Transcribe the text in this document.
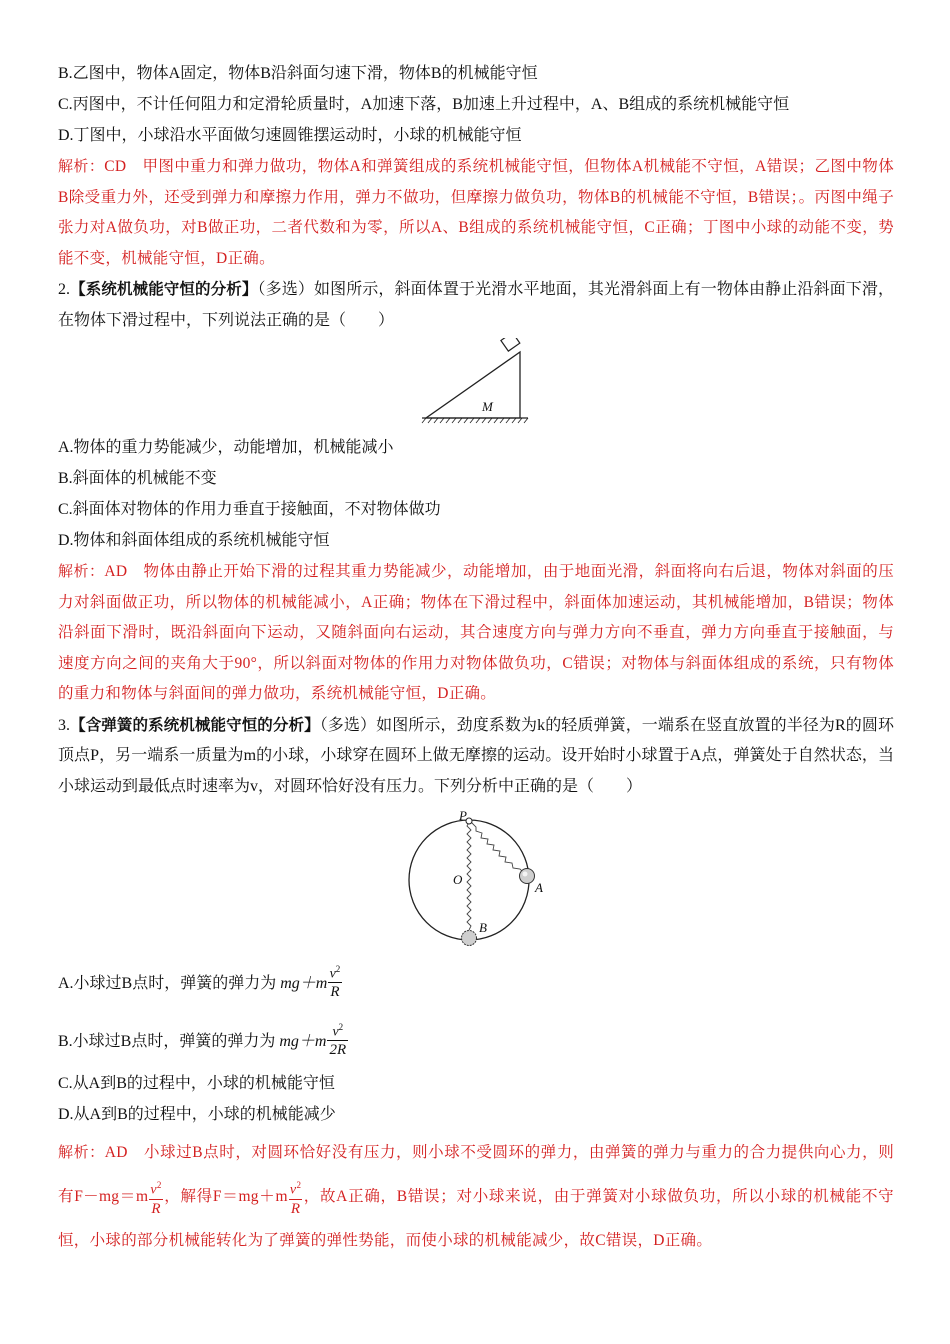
B.乙图中，物体A固定，物体B沿斜面匀速下滑，物体B的机械能守恒
C.丙图中，不计任何阻力和定滑轮质量时，A加速下落，B加速上升过程中，A、B组成的系统机械能守恒
D.丁图中，小球沿水平面做匀速圆锥摆运动时，小球的机械能守恒
解析：CD　甲图中重力和弹力做功，物体A和弹簧组成的系统机械能守恒，但物体A机械能不守恒，A错误；乙图中物体B除受重力外，还受到弹力和摩擦力作用，弹力不做功，但摩擦力做负功，物体B的机械能不守恒，B错误；。丙图中绳子张力对A做负功，对B做正功，二者代数和为零，所以A、B组成的系统机械能守恒，C正确；丁图中小球的动能不变，势能不变，机械能守恒，D正确。
2.【系统机械能守恒的分析】（多选）如图所示，斜面体置于光滑水平地面，其光滑斜面上有一物体由静止沿斜面下滑，在物体下滑过程中，下列说法正确的是（　　）
M
A.物体的重力势能减少，动能增加，机械能减小
B.斜面体的机械能不变
C.斜面体对物体的作用力垂直于接触面，不对物体做功
D.物体和斜面体组成的系统机械能守恒
解析：AD　物体由静止开始下滑的过程其重力势能减少，动能增加，由于地面光滑，斜面将向右后退，物体对斜面的压力对斜面做正功，所以物体的机械能减小，A正确；物体在下滑过程中，斜面体加速运动，其机械能增加，B错误；物体沿斜面下滑时，既沿斜面向下运动，又随斜面向右运动，其合速度方向与弹力方向不垂直，弹力方向垂直于接触面，与速度方向之间的夹角大于90°，所以斜面对物体的作用力对物体做负功，C错误；对物体与斜面体组成的系统，只有物体的重力和物体与斜面间的弹力做功，系统机械能守恒，D正确。
3.【含弹簧的系统机械能守恒的分析】（多选）如图所示，劲度系数为k的轻质弹簧，一端系在竖直放置的半径为R的圆环顶点P，另一端系一质量为m的小球，小球穿在圆环上做无摩擦的运动。设开始时小球置于A点，弹簧处于自然状态，当小球运动到最低点时速率为v，对圆环恰好没有压力。下列分析中正确的是（　　）
P
O
A
B
A.小球过B点时，弹簧的弹力为 $mg+m \frac{v^2}{R}$
B.小球过B点时，弹簧的弹力为 $mg+m \frac{v^2}{2R}$
C.从A到B的过程中，小球的机械能守恒
D.从A到B的过程中，小球的机械能减少
解析：AD　小球过B点时，对圆环恰好没有压力，则小球不受圆环的弹力，由弹簧的弹力与重力的合力提供向心力，则有$F-mg=m \frac{v^2}{R}$ ，解得$F=mg+m \frac{v^2}{R}$ ，故A正确，B错误；对小球来说，由于弹簧对小球做负功，所以小球的机械能不守恒，小球的部分机械能转化为了弹簧的弹性势能，而使小球的机械能减少，故C错误，D正确。
